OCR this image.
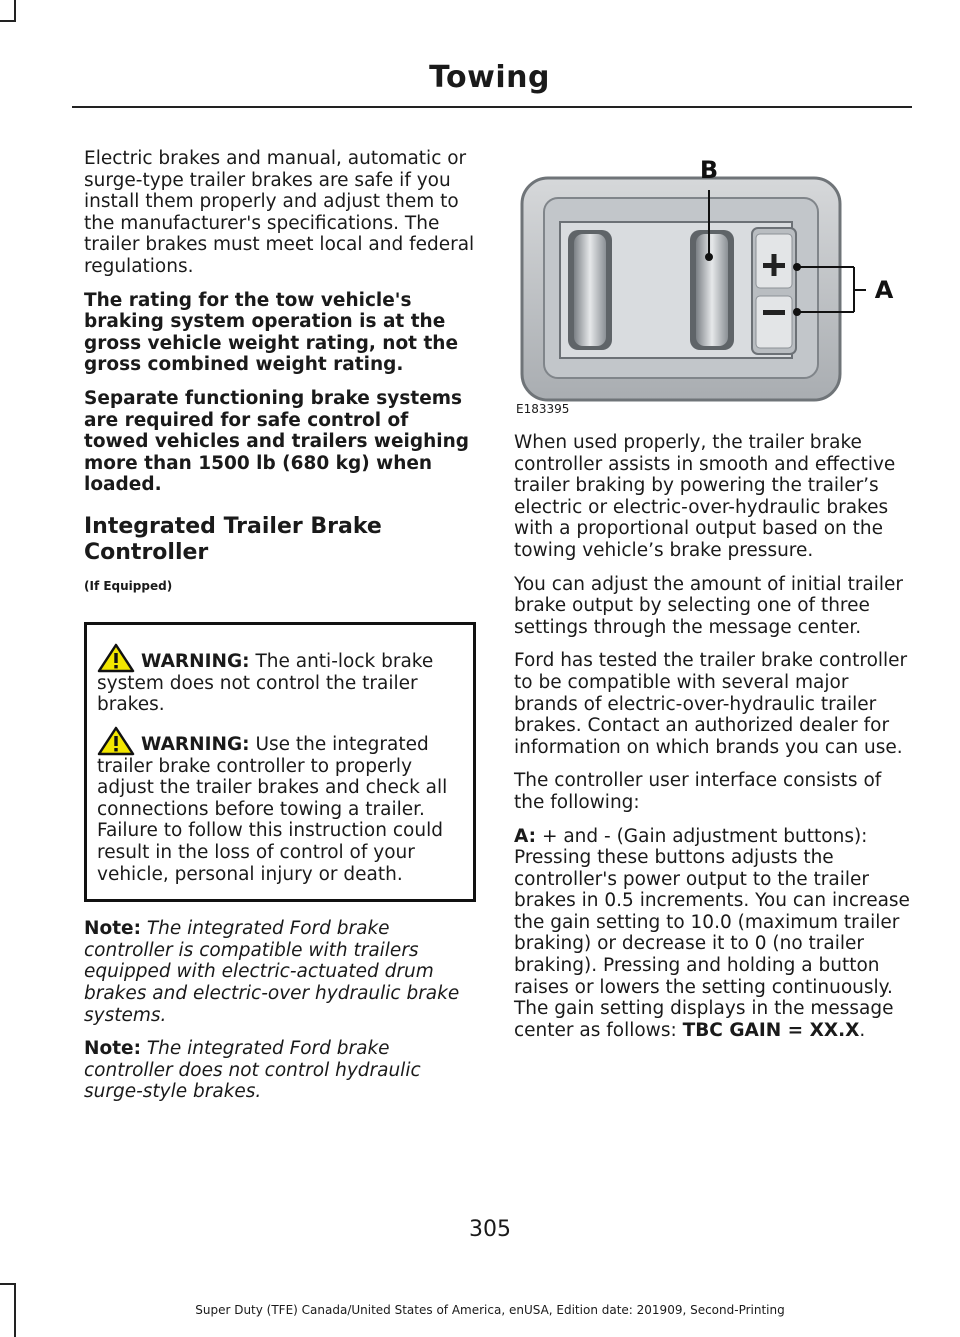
Towing

Electric brakes and manual, automatic or surge-type trailer brakes are safe if you install them properly and adjust them to the manufacturer's specifications. The trailer brakes must meet local and federal regulations.

The rating for the tow vehicle's braking system operation is at the gross vehicle weight rating, not the gross combined weight rating.

Separate functioning brake systems are required for safe control of towed vehicles and trailers weighing more than 1500 lb (680 kg) when loaded.

Integrated Trailer Brake Controller
(If Equipped)

WARNING: The anti-lock brake system does not control the trailer brakes.

WARNING: Use the integrated trailer brake controller to properly adjust the trailer brakes and check all connections before towing a trailer. Failure to follow this instruction could result in the loss of control of your vehicle, personal injury or death.

Note: The integrated Ford brake controller is compatible with trailers equipped with electric-actuated drum brakes and electric-over hydraulic brake systems.

Note: The integrated Ford brake controller does not control hydraulic surge-style brakes.

B
A
E183395

When used properly, the trailer brake controller assists in smooth and effective trailer braking by powering the trailer’s electric or electric-over-hydraulic brakes with a proportional output based on the towing vehicle’s brake pressure.

You can adjust the amount of initial trailer brake output by selecting one of three settings through the message center.

Ford has tested the trailer brake controller to be compatible with several major brands of electric-over-hydraulic trailer brakes. Contact an authorized dealer for information on which brands you can use.

The controller user interface consists of the following:

A: + and - (Gain adjustment buttons): Pressing these buttons adjusts the controller's power output to the trailer brakes in 0.5 increments. You can increase the gain setting to 10.0 (maximum trailer braking) or decrease it to 0 (no trailer braking). Pressing and holding a button raises or lowers the setting continuously. The gain setting displays in the message center as follows: TBC GAIN = XX.X.

305
Super Duty (TFE) Canada/United States of America, enUSA, Edition date: 201909, Second-Printing
